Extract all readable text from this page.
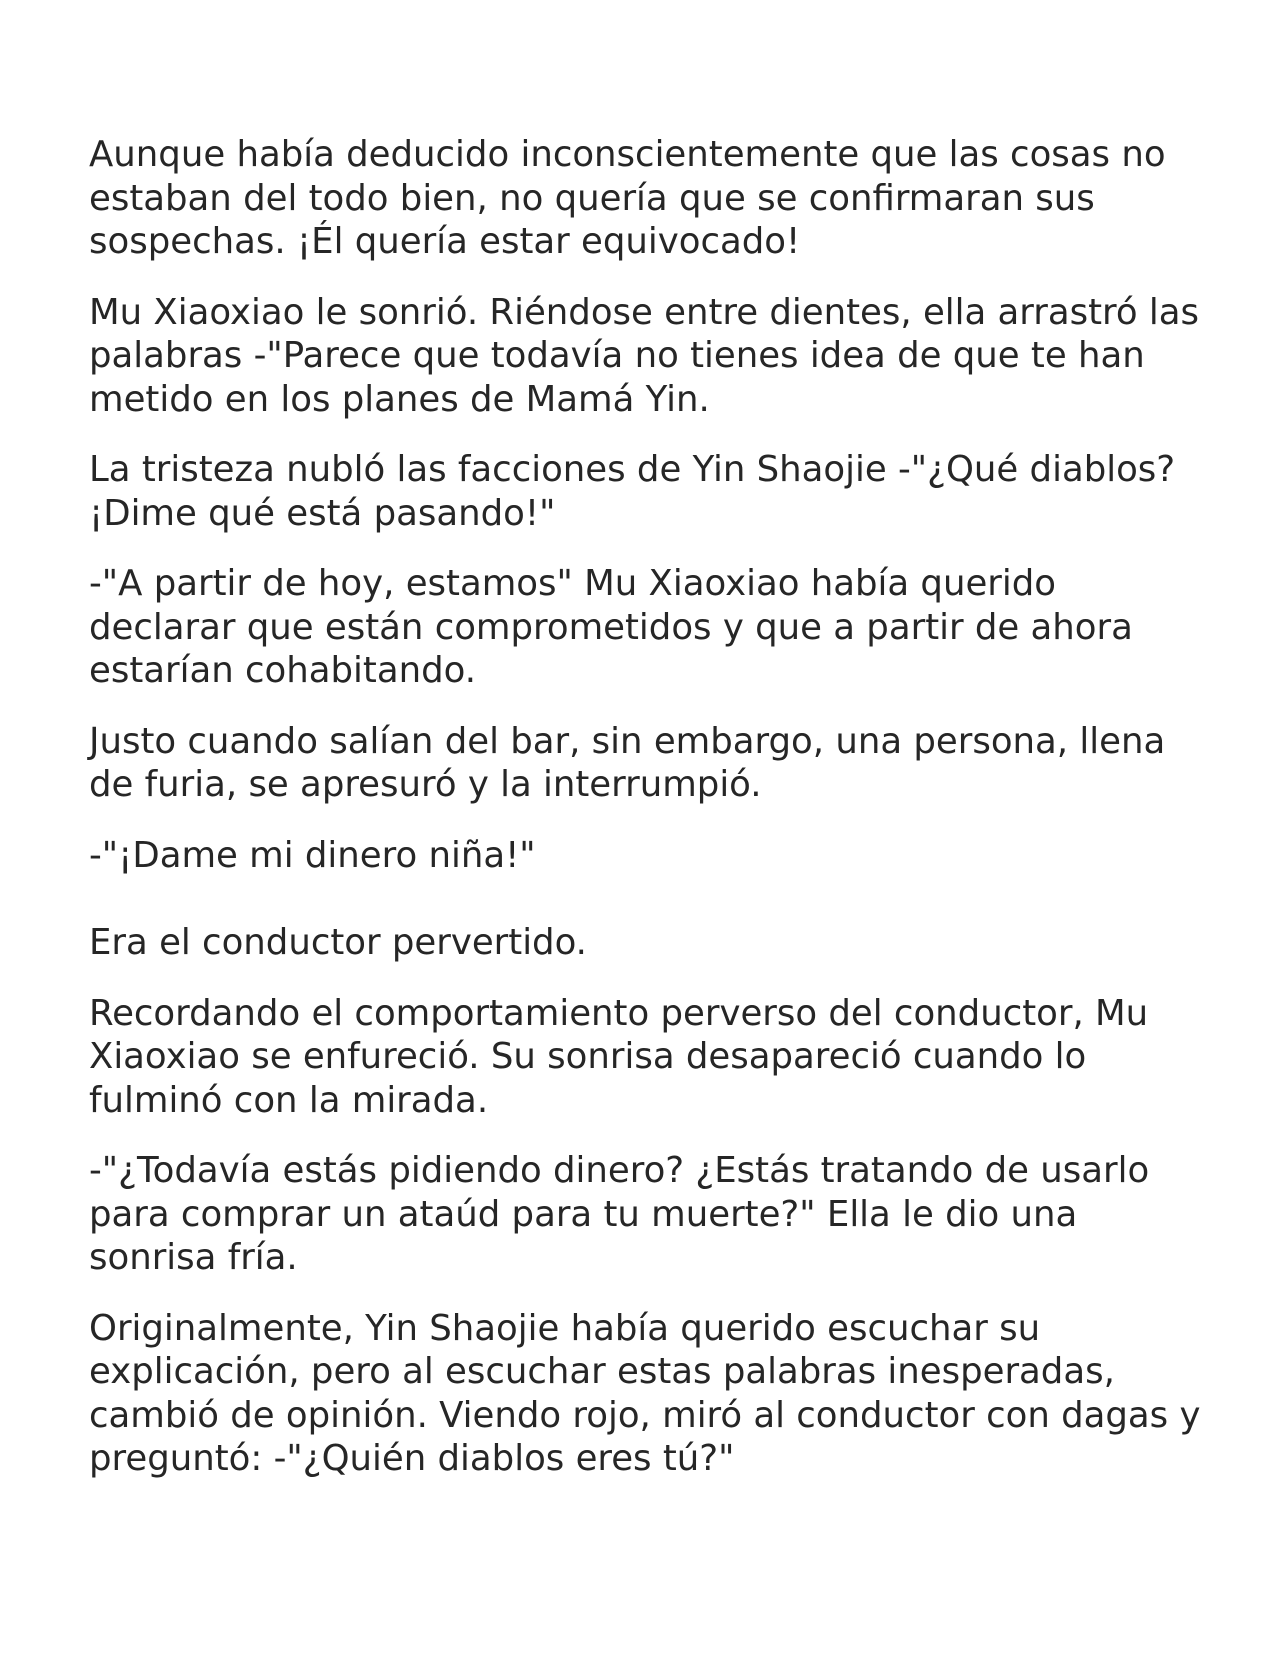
Aunque había deducido inconscientemente que las cosas no estaban del todo bien, no quería que se confirmaran sus sospechas. ¡Él quería estar equivocado!

Mu Xiaoxiao le sonrió. Riéndose entre dientes, ella arrastró las palabras -"Parece que todavía no tienes idea de que te han metido en los planes de Mamá Yin.

La tristeza nubló las facciones de Yin Shaojie -"¿Qué diablos? ¡Dime qué está pasando!"

-"A partir de hoy, estamos" Mu Xiaoxiao había querido declarar que están comprometidos y que a partir de ahora estarían cohabitando.

Justo cuando salían del bar, sin embargo, una persona, llena de furia, se apresuró y la interrumpió.

-"¡Dame mi dinero niña!"

Era el conductor pervertido.

Recordando el comportamiento perverso del conductor, Mu Xiaoxiao se enfureció. Su sonrisa desapareció cuando lo fulminó con la mirada.

-"¿Todavía estás pidiendo dinero? ¿Estás tratando de usarlo para comprar un ataúd para tu muerte?" Ella le dio una sonrisa fría.

Originalmente, Yin Shaojie había querido escuchar su explicación, pero al escuchar estas palabras inesperadas, cambió de opinión. Viendo rojo, miró al conductor con dagas y preguntó: -"¿Quién diablos eres tú?"
